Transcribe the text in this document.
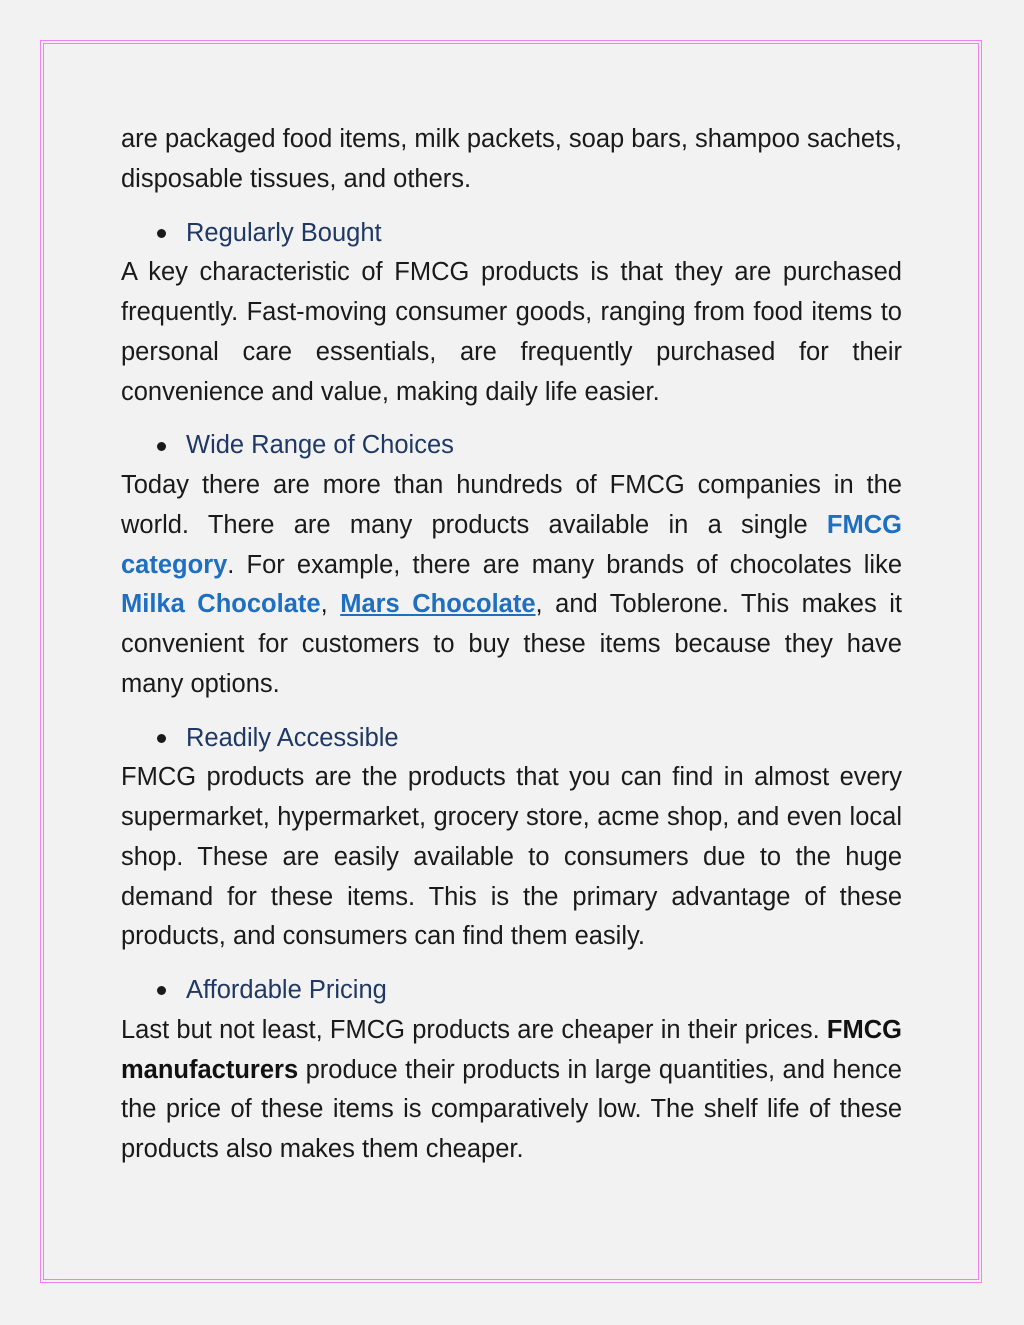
are packaged food items, milk packets, soap bars, shampoo sachets, disposable tissues, and others.

Regularly Bought

A key characteristic of FMCG products is that they are purchased frequently. Fast-moving consumer goods, ranging from food items to personal care essentials, are frequently purchased for their convenience and value, making daily life easier.

Wide Range of Choices

Today there are more than hundreds of FMCG companies in the world. There are many products available in a single FMCG category. For example, there are many brands of chocolates like Milka Chocolate, Mars Chocolate, and Toblerone. This makes it convenient for customers to buy these items because they have many options.

Readily Accessible

FMCG products are the products that you can find in almost every supermarket, hypermarket, grocery store, acme shop, and even local shop. These are easily available to consumers due to the huge demand for these items. This is the primary advantage of these products, and consumers can find them easily.

Affordable Pricing

Last but not least, FMCG products are cheaper in their prices. FMCG manufacturers produce their products in large quantities, and hence the price of these items is comparatively low. The shelf life of these products also makes them cheaper.
